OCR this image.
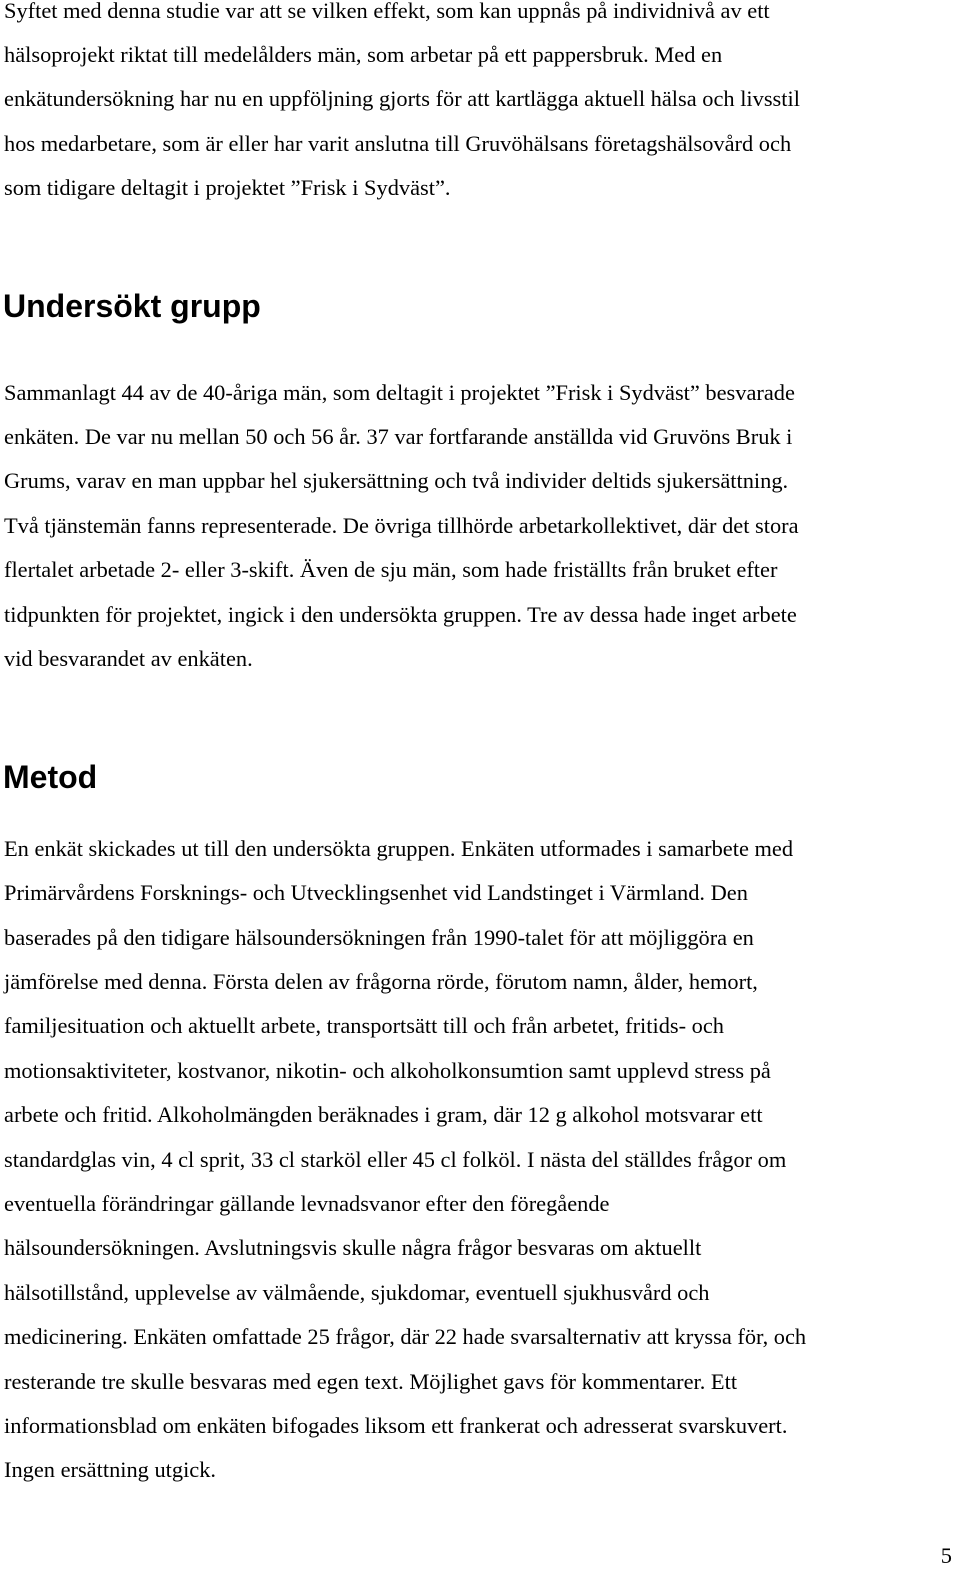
Syftet med denna studie var att se vilken effekt, som kan uppnås på individnivå av ett
hälsoprojekt riktat till medelålders män, som arbetar på ett pappersbruk. Med en
enkätundersökning har nu en uppföljning gjorts för att kartlägga aktuell hälsa och livsstil
hos medarbetare, som är eller har varit anslutna till Gruvöhälsans företagshälsovård och
som tidigare deltagit i projektet ”Frisk i Sydväst”.
Undersökt grupp
Sammanlagt 44 av de 40-åriga män, som deltagit i projektet ”Frisk i Sydväst” besvarade
enkäten. De var nu mellan 50 och 56 år. 37 var fortfarande anställda vid Gruvöns Bruk i
Grums, varav en man uppbar hel sjukersättning och två individer deltids sjukersättning.
Två tjänstemän fanns representerade. De övriga tillhörde arbetarkollektivet, där det stora
flertalet arbetade 2- eller 3-skift. Även de sju män, som hade friställts från bruket efter
tidpunkten för projektet, ingick i den undersökta gruppen. Tre av dessa hade inget arbete
vid besvarandet av enkäten.
Metod
En enkät skickades ut till den undersökta gruppen. Enkäten utformades i samarbete med
Primärvårdens Forsknings- och Utvecklingsenhet vid Landstinget i Värmland. Den
baserades på den tidigare hälsoundersökningen från 1990-talet för att möjliggöra en
jämförelse med denna. Första delen av frågorna rörde, förutom namn, ålder, hemort,
familjesituation och aktuellt arbete, transportsätt till och från arbetet, fritids- och
motionsaktiviteter, kostvanor, nikotin- och alkoholkonsumtion samt upplevd stress på
arbete och fritid. Alkoholmängden beräknades i gram, där 12 g alkohol motsvarar ett
standardglas vin, 4 cl sprit, 33 cl starköl eller 45 cl folköl. I nästa del ställdes frågor om
eventuella förändringar gällande levnadsvanor efter den föregående
hälsoundersökningen. Avslutningsvis skulle några frågor besvaras om aktuellt
hälsotillstånd, upplevelse av välmående, sjukdomar, eventuell sjukhusvård och
medicinering. Enkäten omfattade 25 frågor, där 22 hade svarsalternativ att kryssa för, och
resterande tre skulle besvaras med egen text. Möjlighet gavs för kommentarer. Ett
informationsblad om enkäten bifogades liksom ett frankerat och adresserat svarskuvert.
Ingen ersättning utgick.
5
